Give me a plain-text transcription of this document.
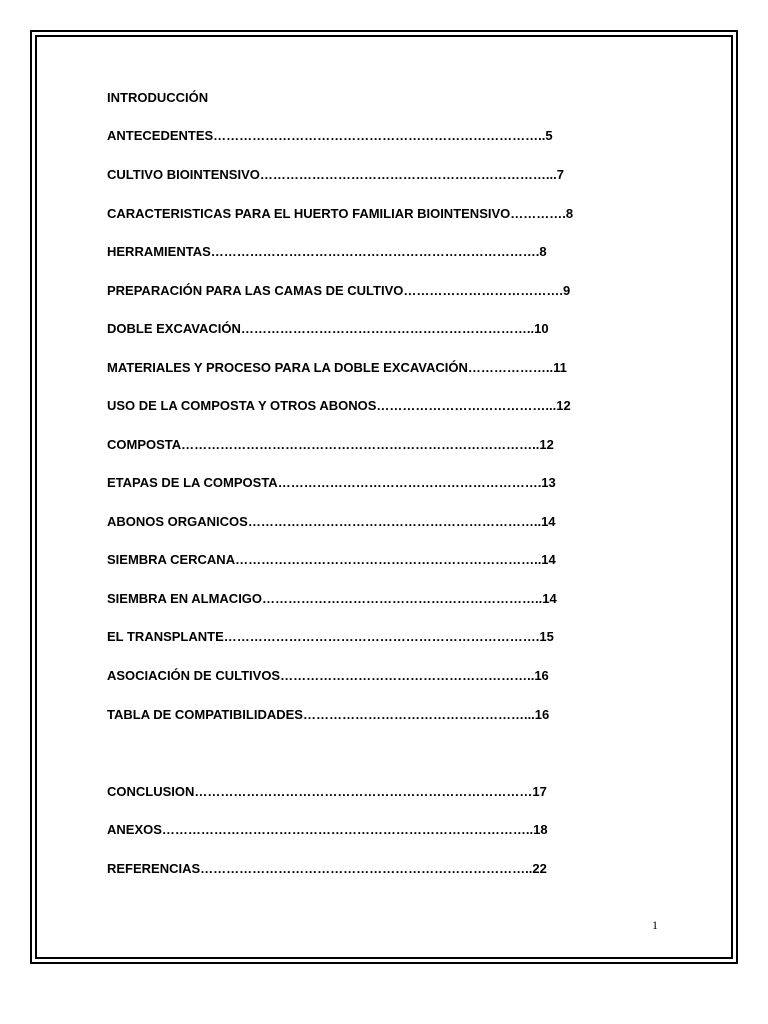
INTRODUCCIÓN
ANTECEDENTES…………………………………………………………………..5
CULTIVO BIOINTENSIVO…………………………………………………………...7
CARACTERISTICAS PARA EL HUERTO FAMILIAR BIOINTENSIVO………….8
HERRAMIENTAS………………………………………………………………….8
PREPARACIÓN PARA LAS CAMAS DE CULTIVO……………………………….9
DOBLE EXCAVACIÓN…………………………………………………………..10
MATERIALES Y PROCESO PARA LA DOBLE EXCAVACIÓN………………..11
USO DE LA COMPOSTA Y OTROS ABONOS…………………………………...12
COMPOSTA………………………………………………………………………..12
ETAPAS DE LA COMPOSTA…………………………………………………….13
ABONOS ORGANICOS…………………………………………………………..14
SIEMBRA CERCANA……………………………………………………………..14
SIEMBRA EN ALMACIGO………………………………………………………..14
EL TRANSPLANTE……………………………………………………………….15
ASOCIACIÓN DE CULTIVOS…………………………………………………..16
TABLA DE COMPATIBILIDADES……………………………………………...16
CONCLUSION……………………………………………………………………17
ANEXOS…………………………………………………………………………..18
REFERENCIAS…………………………………………………………………..22
1
